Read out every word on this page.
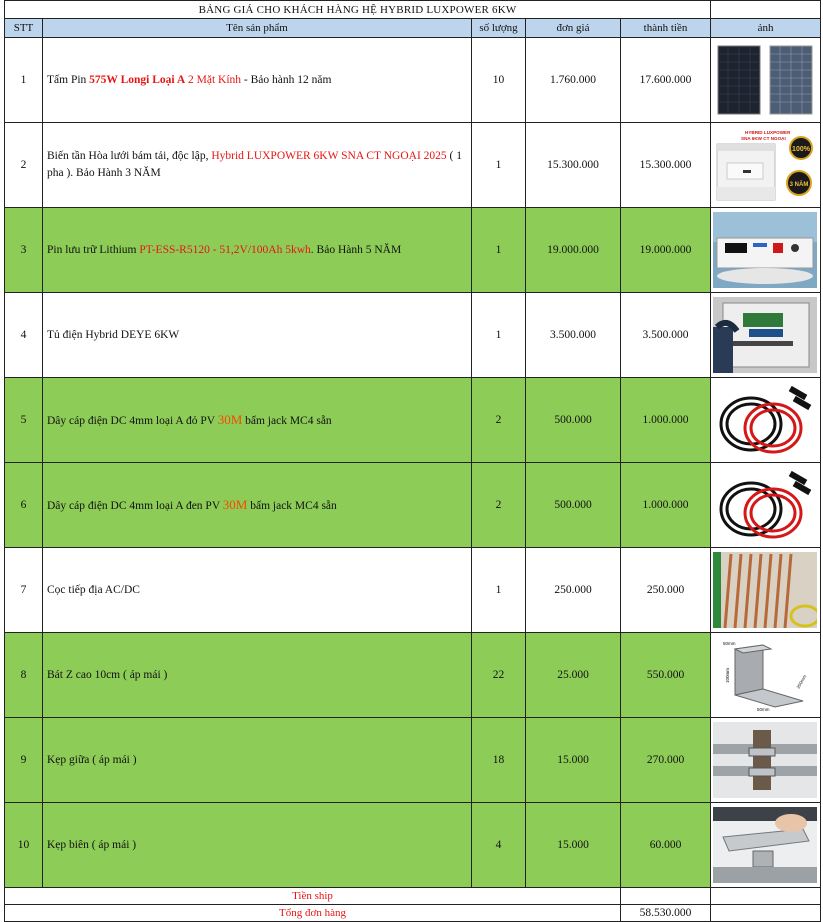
BẢNG GIÁ CHO KHÁCH HÀNG HỆ HYBRID LUXPOWER 6KW					
STT	Tên sản phẩm	số lượng	đơn giá	thành tiền	ảnh
1	Tấm Pin 575W Longi Loại A 2 Mặt Kính - Bảo hành 12 năm	10	1.760.000	17.600.000	

2	Biến tần Hòa lưới bám tải, độc lập, Hybrid LUXPOWER 6KW SNA CT NGOẠI 2025 ( 1 pha ). Bảo Hành 3 NĂM	1	15.300.000	15.300.000	HYBRID LUXPOWER
SNA 6KW CT NGOẠI
100%
3 NĂM

3	Pin lưu trữ Lithium PT-ESS-R5120 - 51,2V/100Ah 5kwh. Bảo Hành 5 NĂM	1	19.000.000	19.000.000	

4	Tủ điện Hybrid DEYE 6KW	1	3.500.000	3.500.000	

5	Dây cáp điện DC 4mm loại A đỏ PV 30M bấm jack MC4 sẵn	2	500.000	1.000.000	

6	Dây cáp điện DC 4mm loại A đen PV 30M bấm jack MC4 sẵn	2	500.000	1.000.000	

7	Cọc tiếp địa AC/DC	1	250.000	250.000	

8	Bát Z cao 10cm ( áp mái )	22	25.000	550.000	50mm
100mm
50mm
200mm

9	Kẹp giữa ( áp mái )	18	15.000	270.000	

10	Kẹp biên ( áp mái )	4	15.000	60.000	

Tiền ship					
Tổng đơn hàng				58.530.000	
